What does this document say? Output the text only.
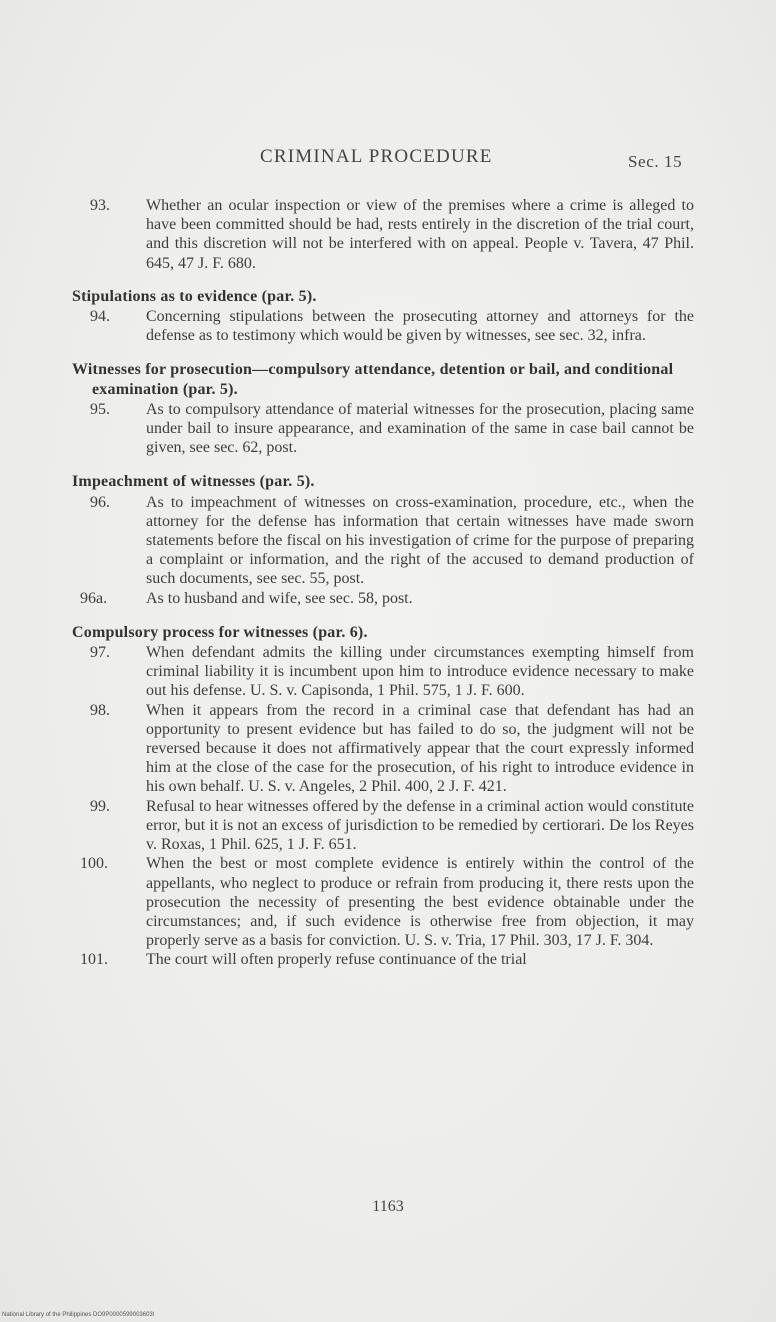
CRIMINAL PROCEDURE	Sec. 15
93.	Whether an ocular inspection or view of the premises where a crime is alleged to have been committed should be had, rests entirely in the discretion of the trial court, and this discretion will not be interfered with on appeal. People v. Tavera, 47 Phil. 645, 47 J. F. 680.
Stipulations as to evidence (par. 5).
94.	Concerning stipulations between the prosecuting attorney and attorneys for the defense as to testimony which would be given by witnesses, see sec. 32, infra.
Witnesses for prosecution—compulsory attendance, detention or bail, and conditional examination (par. 5).
95.	As to compulsory attendance of material witnesses for the prosecution, placing same under bail to insure appearance, and examination of the same in case bail cannot be given, see sec. 62, post.
Impeachment of witnesses (par. 5).
96.	As to impeachment of witnesses on cross-examination, procedure, etc., when the attorney for the defense has information that certain witnesses have made sworn statements before the fiscal on his investigation of crime for the purpose of preparing a complaint or information, and the right of the accused to demand production of such documents, see sec. 55, post.
96a.	As to husband and wife, see sec. 58, post.
Compulsory process for witnesses (par. 6).
97.	When defendant admits the killing under circumstances exempting himself from criminal liability it is incumbent upon him to introduce evidence necessary to make out his defense. U. S. v. Capisonda, 1 Phil. 575, 1 J. F. 600.
98.	When it appears from the record in a criminal case that defendant has had an opportunity to present evidence but has failed to do so, the judgment will not be reversed because it does not affirmatively appear that the court expressly informed him at the close of the case for the prosecution, of his right to introduce evidence in his own behalf. U. S. v. Angeles, 2 Phil. 400, 2 J. F. 421.
99.	Refusal to hear witnesses offered by the defense in a criminal action would constitute error, but it is not an excess of jurisdiction to be remedied by certiorari. De los Reyes v. Roxas, 1 Phil. 625, 1 J. F. 651.
100.	When the best or most complete evidence is entirely within the control of the appellants, who neglect to produce or refrain from producing it, there rests upon the prosecution the necessity of presenting the best evidence obtainable under the circumstances; and, if such evidence is otherwise free from objection, it may properly serve as a basis for conviction. U. S. v. Tria, 17 Phil. 303, 17 J. F. 304.
101.	The court will often properly refuse continuance of the trial
1163
National Library of the Philippines DO9P0000599003603I
